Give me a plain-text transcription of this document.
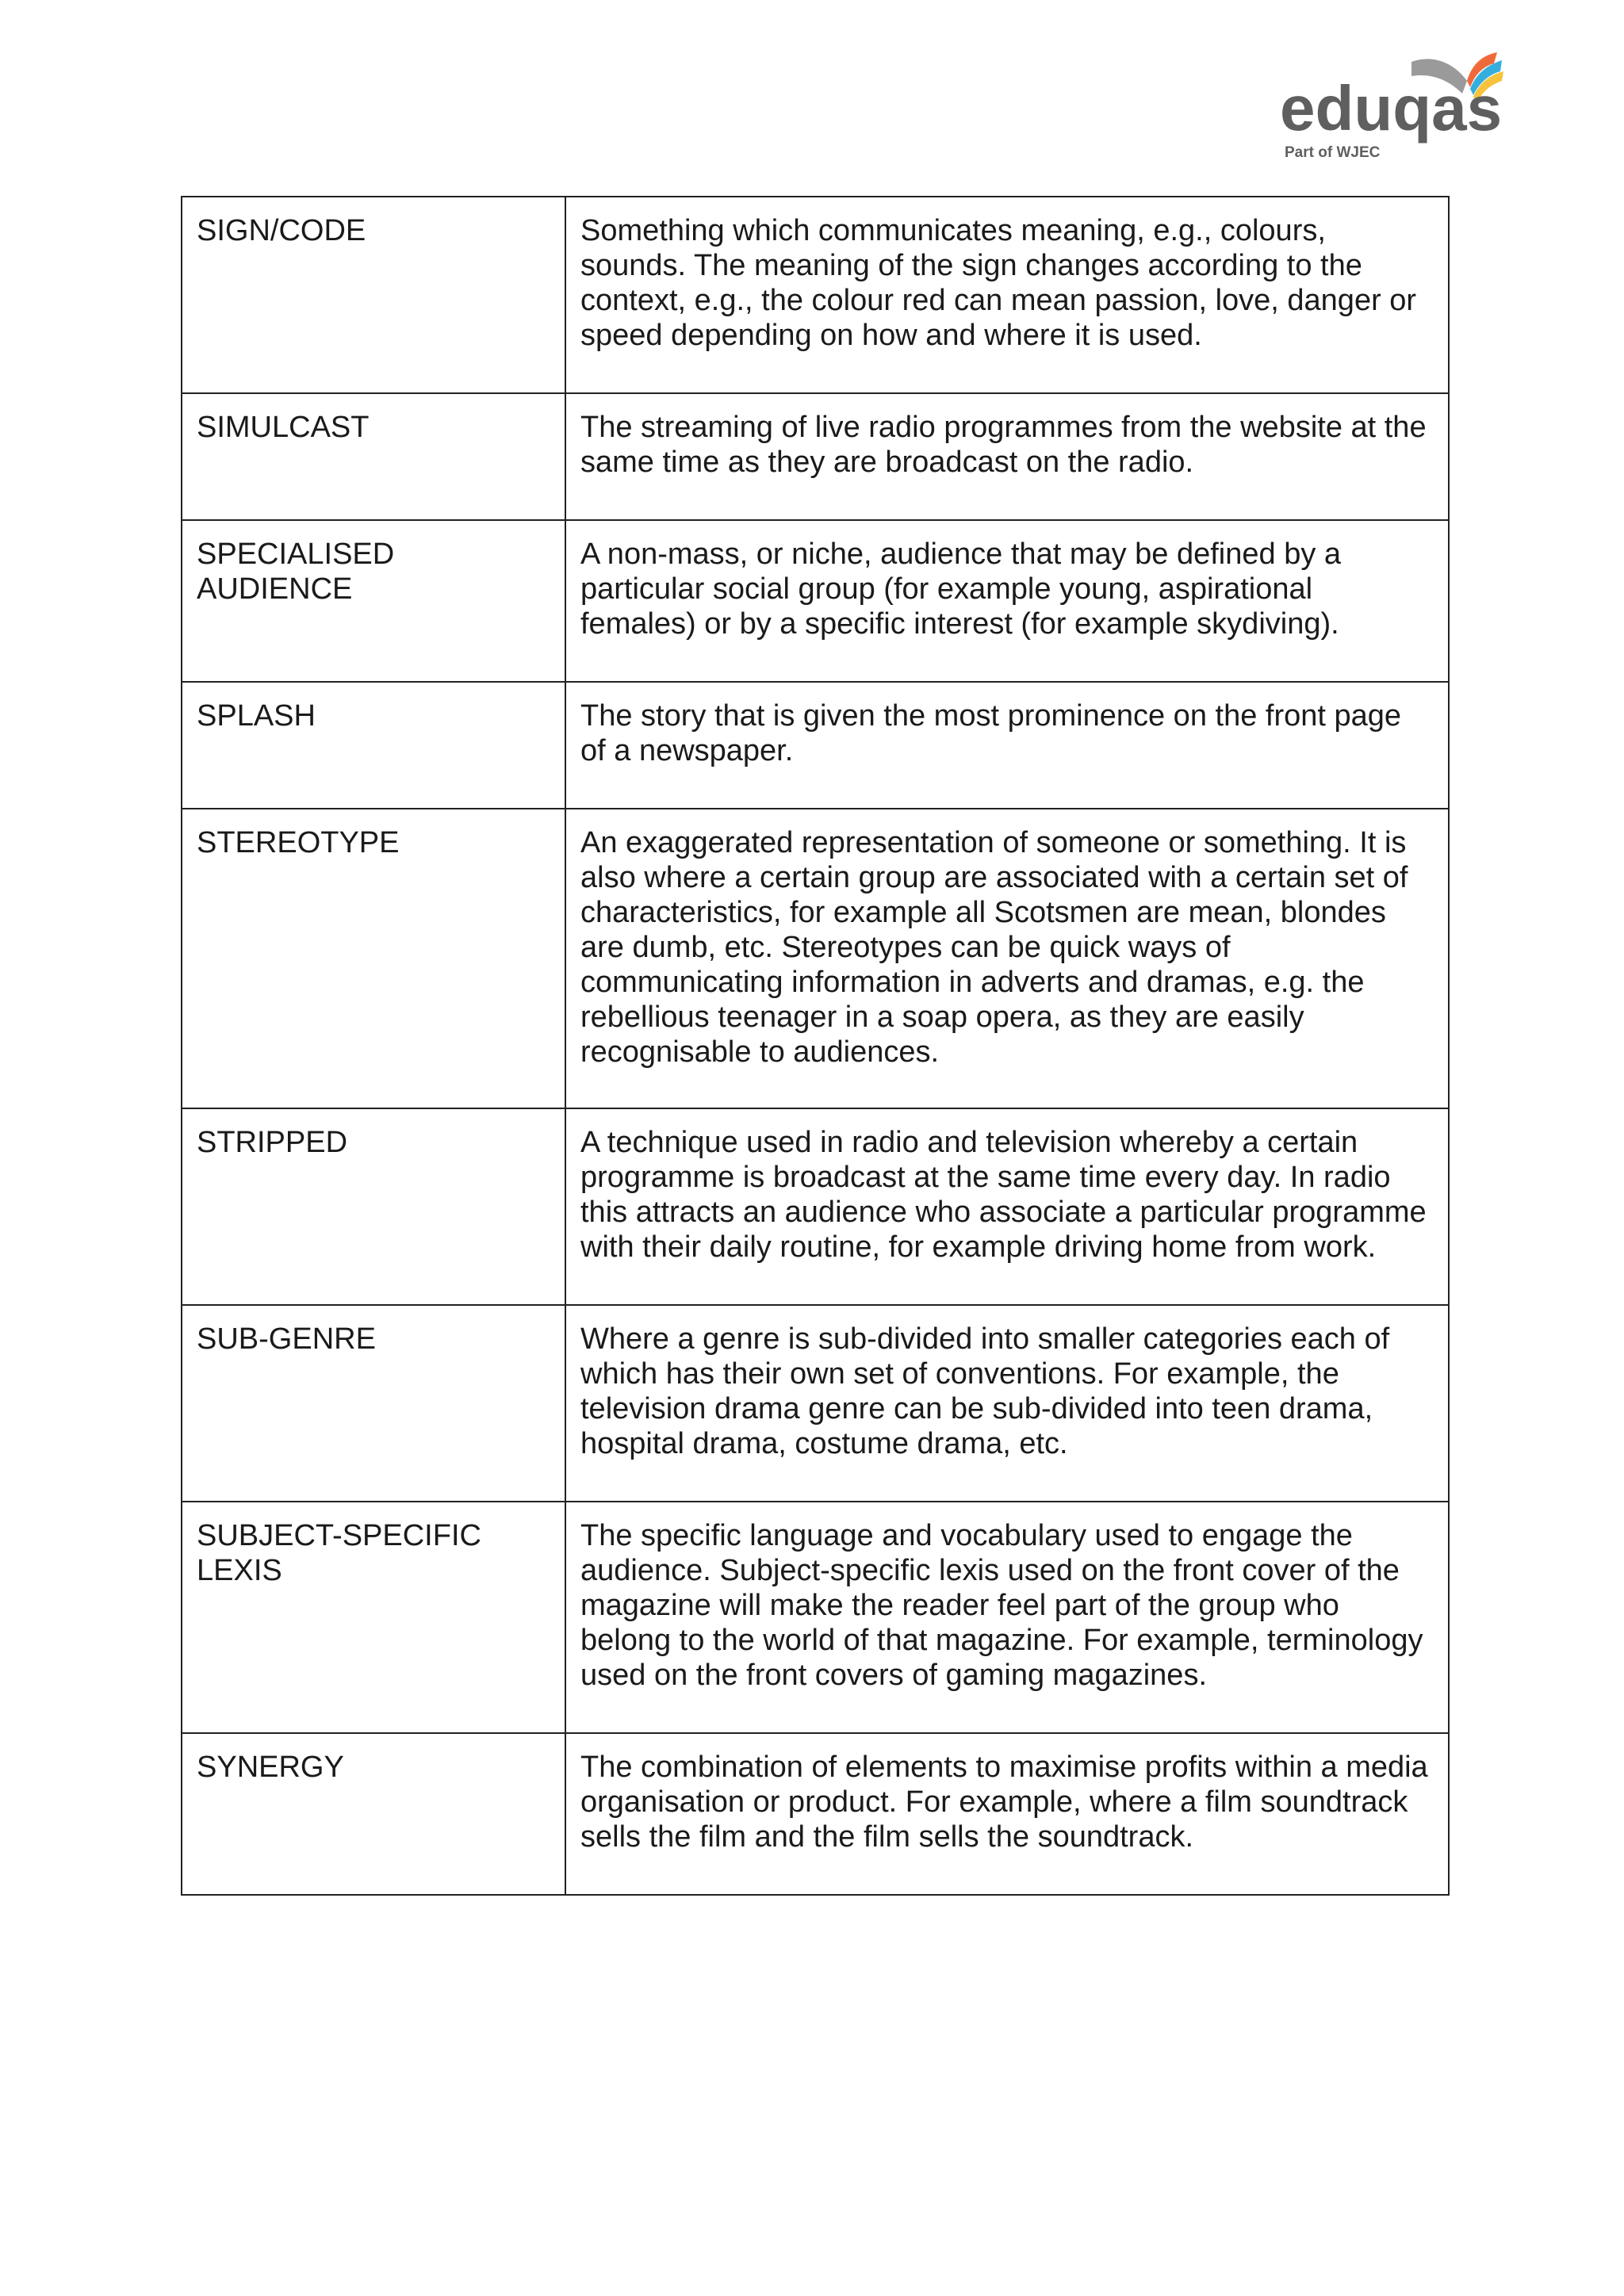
eduqas
Part of WJEC
SIGN/CODE	Something which communicates meaning, e.g., colours, sounds. The meaning of the sign changes according to the context, e.g., the colour red can mean passion, love, danger or speed depending on how and where it is used.
SIMULCAST	The streaming of live radio programmes from the website at the same time as they are broadcast on the radio.
SPECIALISED AUDIENCE	A non-mass, or niche, audience that may be defined by a particular social group (for example young, aspirational females) or by a specific interest (for example skydiving).
SPLASH	The story that is given the most prominence on the front page of a newspaper.
STEREOTYPE	An exaggerated representation of someone or something. It is also where a certain group are associated with a certain set of characteristics, for example all Scotsmen are mean, blondes are dumb, etc. Stereotypes can be quick ways of communicating information in adverts and dramas, e.g. the rebellious teenager in a soap opera, as they are easily recognisable to audiences.
STRIPPED	A technique used in radio and television whereby a certain programme is broadcast at the same time every day. In radio this attracts an audience who associate a particular programme with their daily routine, for example driving home from work.
SUB-GENRE	Where a genre is sub-divided into smaller categories each of which has their own set of conventions. For example, the television drama genre can be sub-divided into teen drama, hospital drama, costume drama, etc.
SUBJECT-SPECIFIC LEXIS	The specific language and vocabulary used to engage the audience. Subject-specific lexis used on the front cover of the magazine will make the reader feel part of the group who belong to the world of that magazine. For example, terminology used on the front covers of gaming magazines.
SYNERGY	The combination of elements to maximise profits within a media organisation or product. For example, where a film soundtrack sells the film and the film sells the soundtrack.
